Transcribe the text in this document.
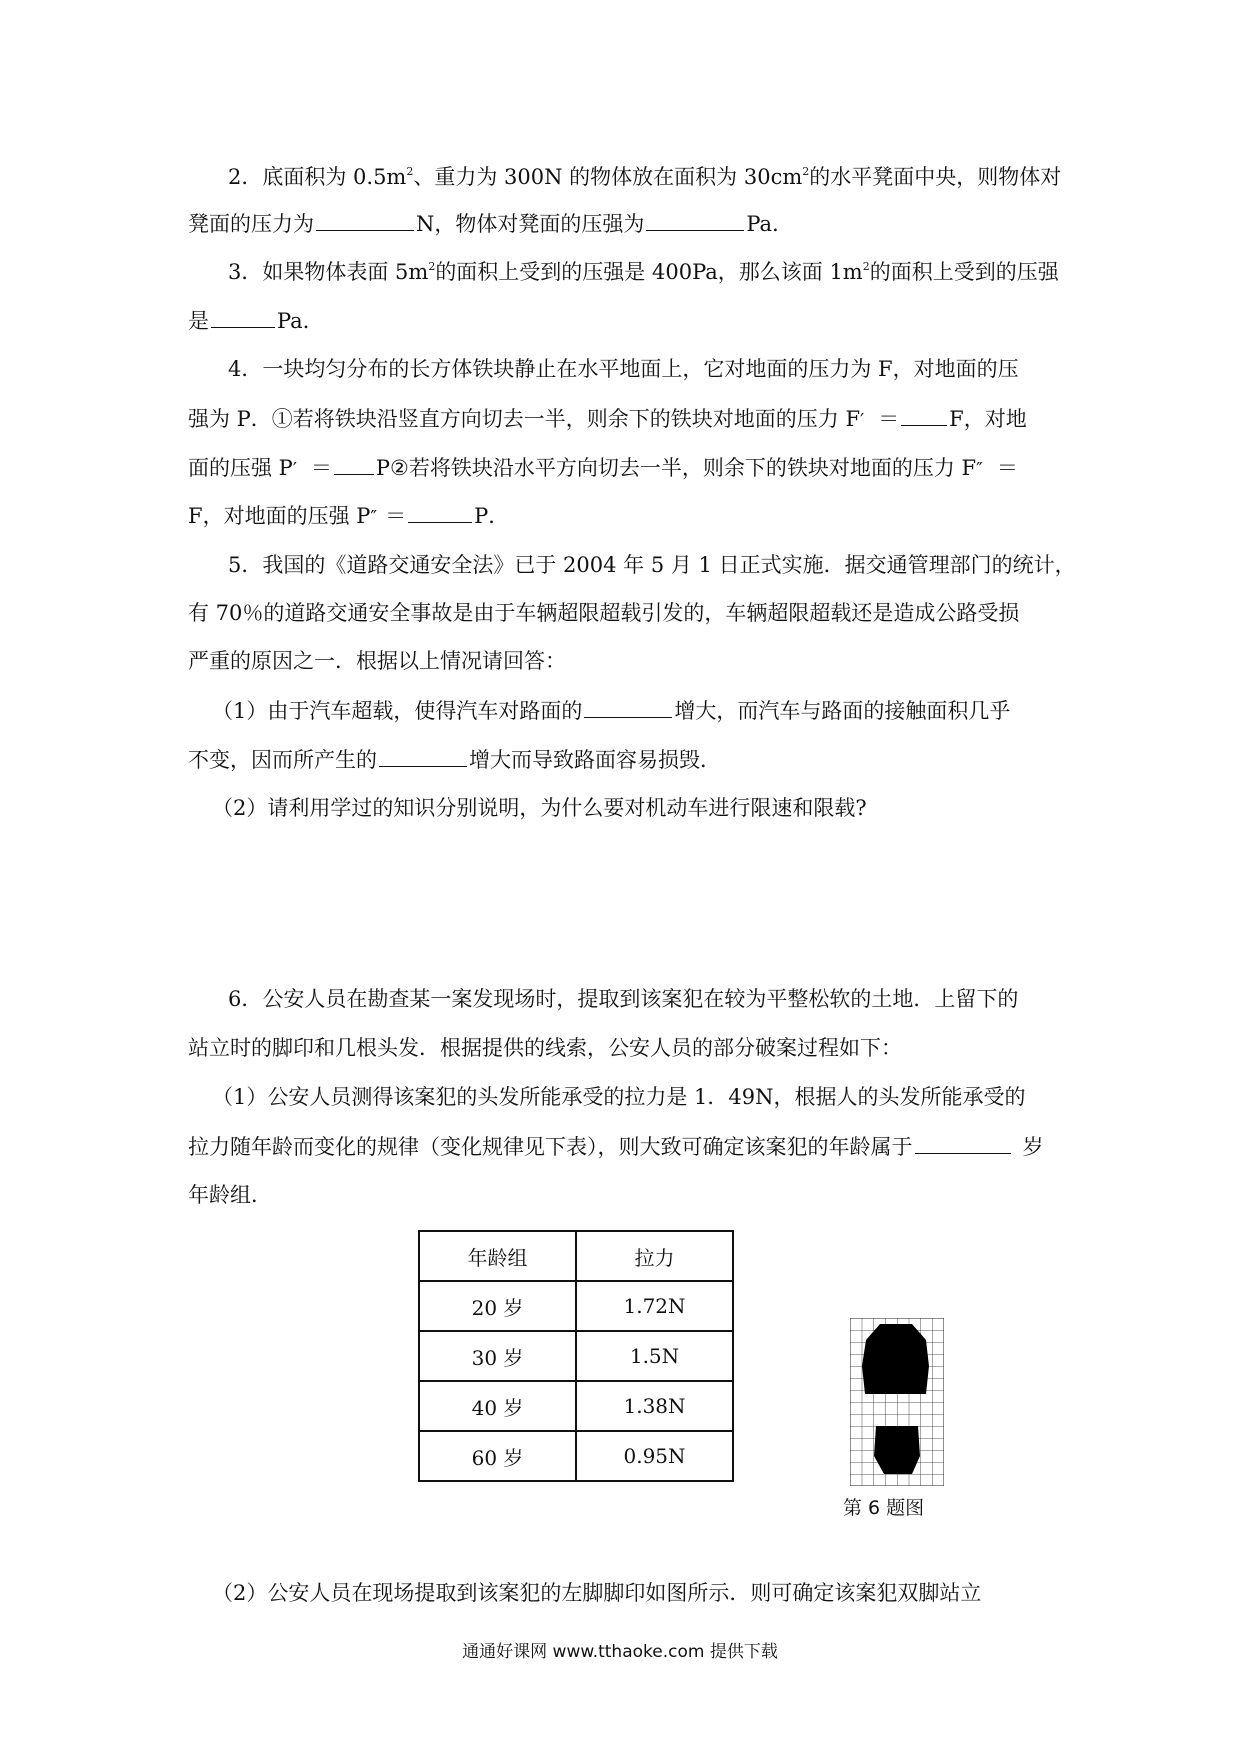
2．底面积为 $0.5m^2$、重力为 300N 的物体放在面积为 $30cm^2$的水平凳面中央，则物体对
凳面的压力为	N，物体对凳面的压强为	Pa．
3．如果物体表面 $5m^2$的面积上受到的压强是 400Pa，那么该面 $1m^2$的面积上受到的压强
是	Pa．
4．一块均匀分布的长方体铁块静止在水平地面上，它对地面的压力为 F，对地面的压
强为 P．①若将铁块沿竖直方向切去一半，则余下的铁块对地面的压力 F′ ＝ F，对地
面的压强 P′ ＝ P②若将铁块沿水平方向切去一半，则余下的铁块对地面的压力 F″ ＝
F，对地面的压强 P″ ＝	P．
5．我国的《道路交通安全法》已于 2004 年 5 月 1 日正式实施．据交通管理部门的统计，
有 70％的道路交通安全事故是由于车辆超限超载引发的，车辆超限超载还是造成公路受损
严重的原因之一．根据以上情况请回答：
（1）由于汽车超载，使得汽车对路面的	增大，而汽车与路面的接触面积几乎
不变，因而所产生的	增大而导致路面容易损毁．
（2）请利用学过的知识分别说明，为什么要对机动车进行限速和限载?
6．公安人员在勘查某一案发现场时，提取到该案犯在较为平整松软的土地．上留下的
站立时的脚印和几根头发．根据提供的线索，公安人员的部分破案过程如下：
（1）公安人员测得该案犯的头发所能承受的拉力是 1．49N，根据人的头发所能承受的
拉力随年龄而变化的规律（变化规律见下表），则大致可确定该案犯的年龄属于	岁
年龄组．
年龄组	拉力
20 岁	1.72N
30 岁	1.5N
40 岁	1.38N
60 岁	0.95N
第 6 题图
（2）公安人员在现场提取到该案犯的左脚脚印如图所示．则可确定该案犯双脚站立
通通好课网 www.tthaoke.com 提供下载
